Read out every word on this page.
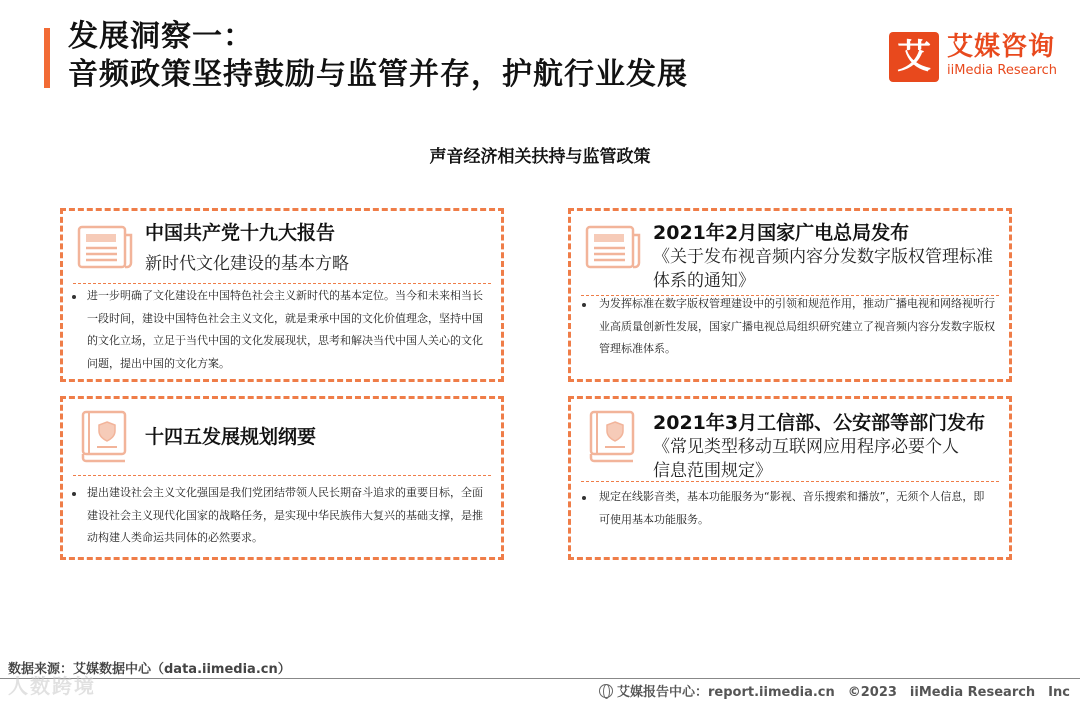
发展洞察一：
音频政策坚持鼓励与监管并存，护航行业发展	艾 艾媒咨询
iiMedia Research
声音经济相关扶持与监管政策
中国共产党十九大报告
新时代文化建设的基本方略
进一步明确了文化建设在中国特色社会主义新时代的基本定位。当今和未来相当长一段时间，建设中国特色社会主义文化，就是秉承中国的文化价值理念，坚持中国的文化立场，立足于当代中国的文化发展现状，思考和解决当代中国人关心的文化问题，提出中国的文化方案。
2021年2月国家广电总局发布
《关于发布视音频内容分发数字版权管理标准体系的通知》
为发挥标准在数字版权管理建设中的引领和规范作用，推动广播电视和网络视听行业高质量创新性发展，国家广播电视总局组织研究建立了视音频内容分发数字版权管理标准体系。
十四五发展规划纲要
提出建设社会主义文化强国是我们党团结带领人民长期奋斗追求的重要目标，全面建设社会主义现代化国家的战略任务，是实现中华民族伟大复兴的基础支撑，是推动构建人类命运共同体的必然要求。
2021年3月工信部、公安部等部门发布
《常见类型移动互联网应用程序必要个人信息范围规定》
规定在线影音类，基本功能服务为“影视、音乐搜索和播放”，无须个人信息，即可使用基本功能服务。
数据来源：艾媒数据中心（data.iimedia.cn）
人数跨境	艾媒报告中心：report.iimedia.cn　©2023　iiMedia Research　Inc
